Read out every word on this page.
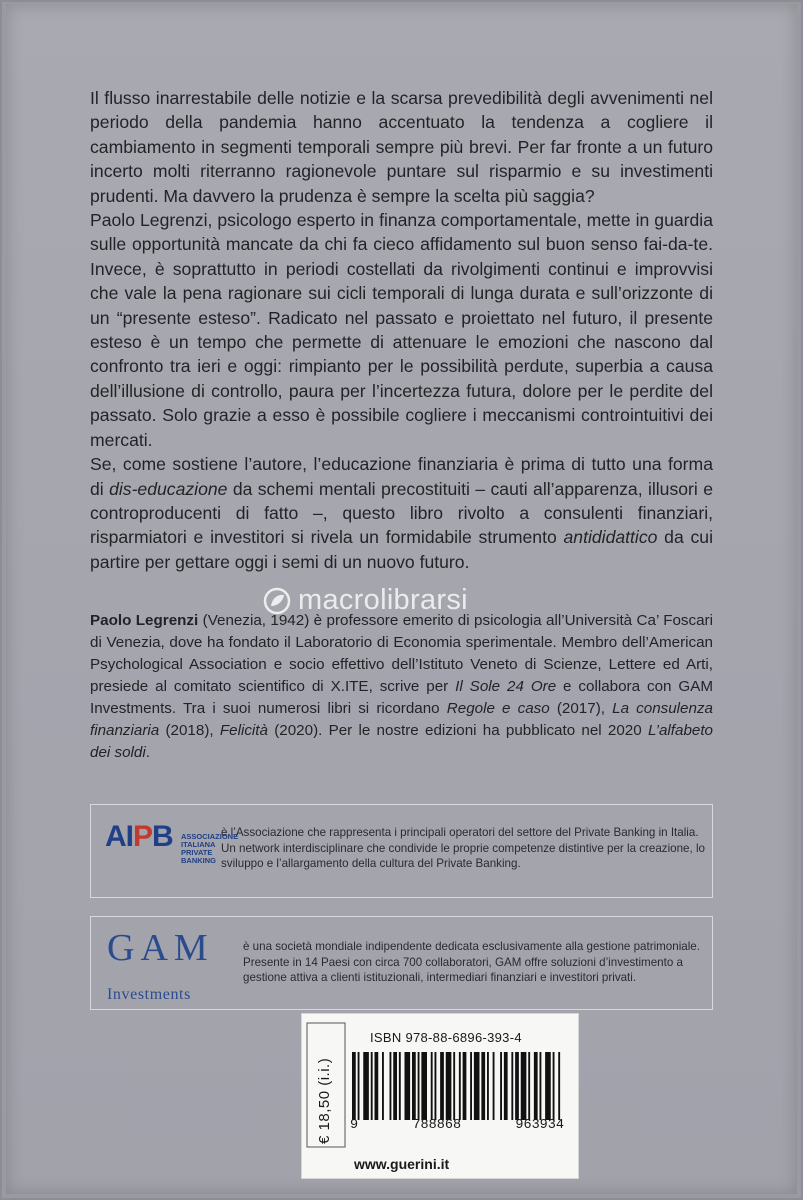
Il flusso inarrestabile delle notizie e la scarsa prevedibilità degli avvenimenti nel periodo della pandemia hanno accentuato la tendenza a cogliere il cambiamento in segmenti temporali sempre più brevi. Per far fronte a un futuro incerto molti riterranno ragionevole puntare sul risparmio e su investimenti prudenti. Ma davvero la prudenza è sempre la scelta più saggia?

Paolo Legrenzi, psicologo esperto in finanza comportamentale, mette in guardia sulle opportunità mancate da chi fa cieco affidamento sul buon senso fai-da-te. Invece, è soprattutto in periodi costellati da rivolgimenti continui e improvvisi che vale la pena ragionare sui cicli temporali di lunga durata e sull’orizzonte di un “presente esteso”. Radicato nel passato e proiettato nel futuro, il presente esteso è un tempo che permette di attenuare le emozioni che nascono dal confronto tra ieri e oggi: rimpianto per le possibilità perdute, superbia a causa dell’illusione di controllo, paura per l’incertezza futura, dolore per le perdite del passato. Solo grazie a esso è possibile cogliere i meccanismi controintuitivi dei mercati.

Se, come sostiene l’autore, l’educazione finanziaria è prima di tutto una forma di dis-educazione da schemi mentali precostituiti – cauti all’apparenza, illusori e controproducenti di fatto –, questo libro rivolto a consulenti finanziari, risparmiatori e investitori si rivela un formidabile strumento antididattico da cui partire per gettare oggi i semi di un nuovo futuro.

macrolibrarsi

Paolo Legrenzi (Venezia, 1942) è professore emerito di psicologia all’Università Ca’ Foscari di Venezia, dove ha fondato il Laboratorio di Economia sperimentale. Membro dell’American Psychological Association e socio effettivo dell’Istituto Veneto di Scienze, Lettere ed Arti, presiede al comitato scientifico di X.ITE, scrive per Il Sole 24 Ore e collabora con GAM Investments. Tra i suoi numerosi libri si ricordano Regole e caso (2017), La consulenza finanziaria (2018), Felicità (2020). Per le nostre edizioni ha pubblicato nel 2020 L’alfabeto dei soldi.

AIPB ASSOCIAZIONE
ITALIANA
PRIVATE
BANKING
è l’Associazione che rappresenta i principali operatori del settore del Private Banking in Italia. Un network interdisciplinare che condivide le proprie competenze distintive per la creazione, lo sviluppo e l’allargamento della cultura del Private Banking.
GAM
Investments
è una società mondiale indipendente dedicata esclusivamente alla gestione patrimoniale. Presente in 14 Paesi con circa 700 collaboratori, GAM offre soluzioni d’investimento a gestione attiva a clienti istituzionali, intermediari finanziari e investitori privati.
€ 18,50 (i.i.)
ISBN 978-88-6896-393-4
9	788868	963934
www.guerini.it
